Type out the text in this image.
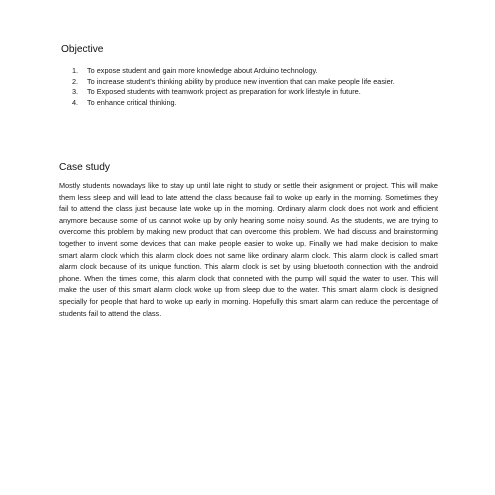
Objective
1. To expose student and gain more knowledge about Arduino technology.
2. To increase student’s thinking ability by produce new invention that can make people life easier.
3. To Exposed students with teamwork project as preparation for work lifestyle in future.
4. To enhance critical thinking.
Case study

Mostly students nowadays like to stay up until late night to study or settle their asignment or project. This will make them less sleep and will lead to late attend the class because fail to woke up early in the morning. Sometimes they fail to attend the class just because late woke up in the morning. Ordinary alarm clock does not work and efficient anymore because some of us cannot woke up by only hearing some noisy sound. As the students, we are trying to overcome this problem by making new product that can overcome this problem. We had discuss and brainstorming together to invent some devices that can make people easier to woke up. Finally we had make decision to make smart alarm clock which this alarm clock does not same like ordinary alarm clock. This alarm clock is called smart alarm clock because of its unique function. This alarm clock is set by using bluetooth connection with the android phone. When the times come, this alarm clock that conneted with the pump will squid the water to user. This will make the user of this smart alarm clock woke up from sleep due to the water. This smart alarm clock is designed specially for people that hard to woke up early in morning. Hopefully this smart alarm can reduce the percentage of students fail to attend the class.
